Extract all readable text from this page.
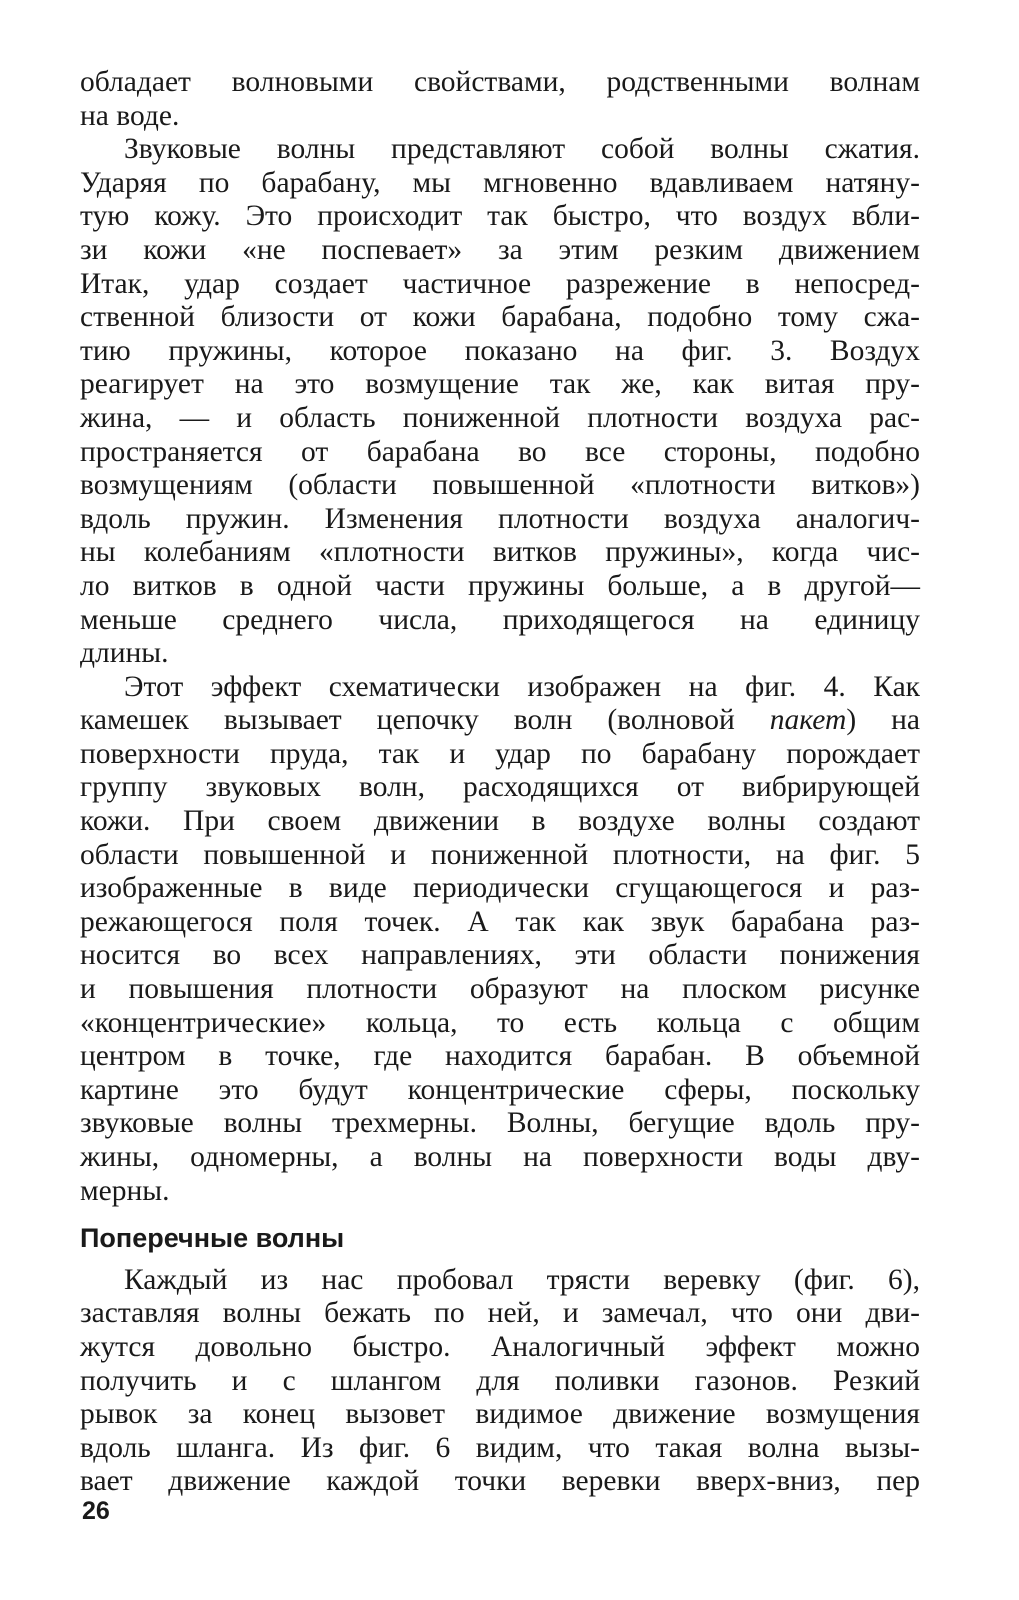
обладает волновыми свойствами, родственными волнам
на воде.
Звуковые волны представляют собой волны сжатия.
Ударяя по барабану, мы мгновенно вдавливаем натяну-
тую кожу. Это происходит так быстро, что воздух вбли-
зи кожи «не поспевает» за этим резким движением
Итак, удар создает частичное разрежение в непосред-
ственной близости от кожи барабана, подобно тому сжа-
тию пружины, которое показано на фиг. 3. Воздух
реагирует на это возмущение так же, как витая пру-
жина, — и область пониженной плотности воздуха рас-
пространяется от барабана во все стороны, подобно
возмущениям (области повышенной «плотности витков»)
вдоль пружин. Изменения плотности воздуха аналогич-
ны колебаниям «плотности витков пружины», когда чис-
ло витков в одной части пружины больше, а в другой—
меньше среднего числа, приходящегося на единицу
длины.
Этот эффект схематически изображен на фиг. 4. Как
камешек вызывает цепочку волн (волновой пакет) на
поверхности пруда, так и удар по барабану порождает
группу звуковых волн, расходящихся от вибрирующей
кожи. При своем движении в воздухе волны создают
области повышенной и пониженной плотности, на фиг. 5
изображенные в виде периодически сгущающегося и раз-
режающегося поля точек. А так как звук барабана раз-
носится во всех направлениях, эти области понижения
и повышения плотности образуют на плоском рисунке
«концентрические» кольца, то есть кольца с общим
центром в точке, где находится барабан. В объемной
картине это будут концентрические сферы, поскольку
звуковые волны трехмерны. Волны, бегущие вдоль пру-
жины, одномерны, а волны на поверхности воды дву-
мерны.
Поперечные волны
Каждый из нас пробовал трясти веревку (фиг. 6),
заставляя волны бежать по ней, и замечал, что они дви-
жутся довольно быстро. Аналогичный эффект можно
получить и с шлангом для поливки газонов. Резкий
рывок за конец вызовет видимое движение возмущения
вдоль шланга. Из фиг. 6 видим, что такая волна вызы-
вает движение каждой точки веревки вверх-вниз, пер
26
